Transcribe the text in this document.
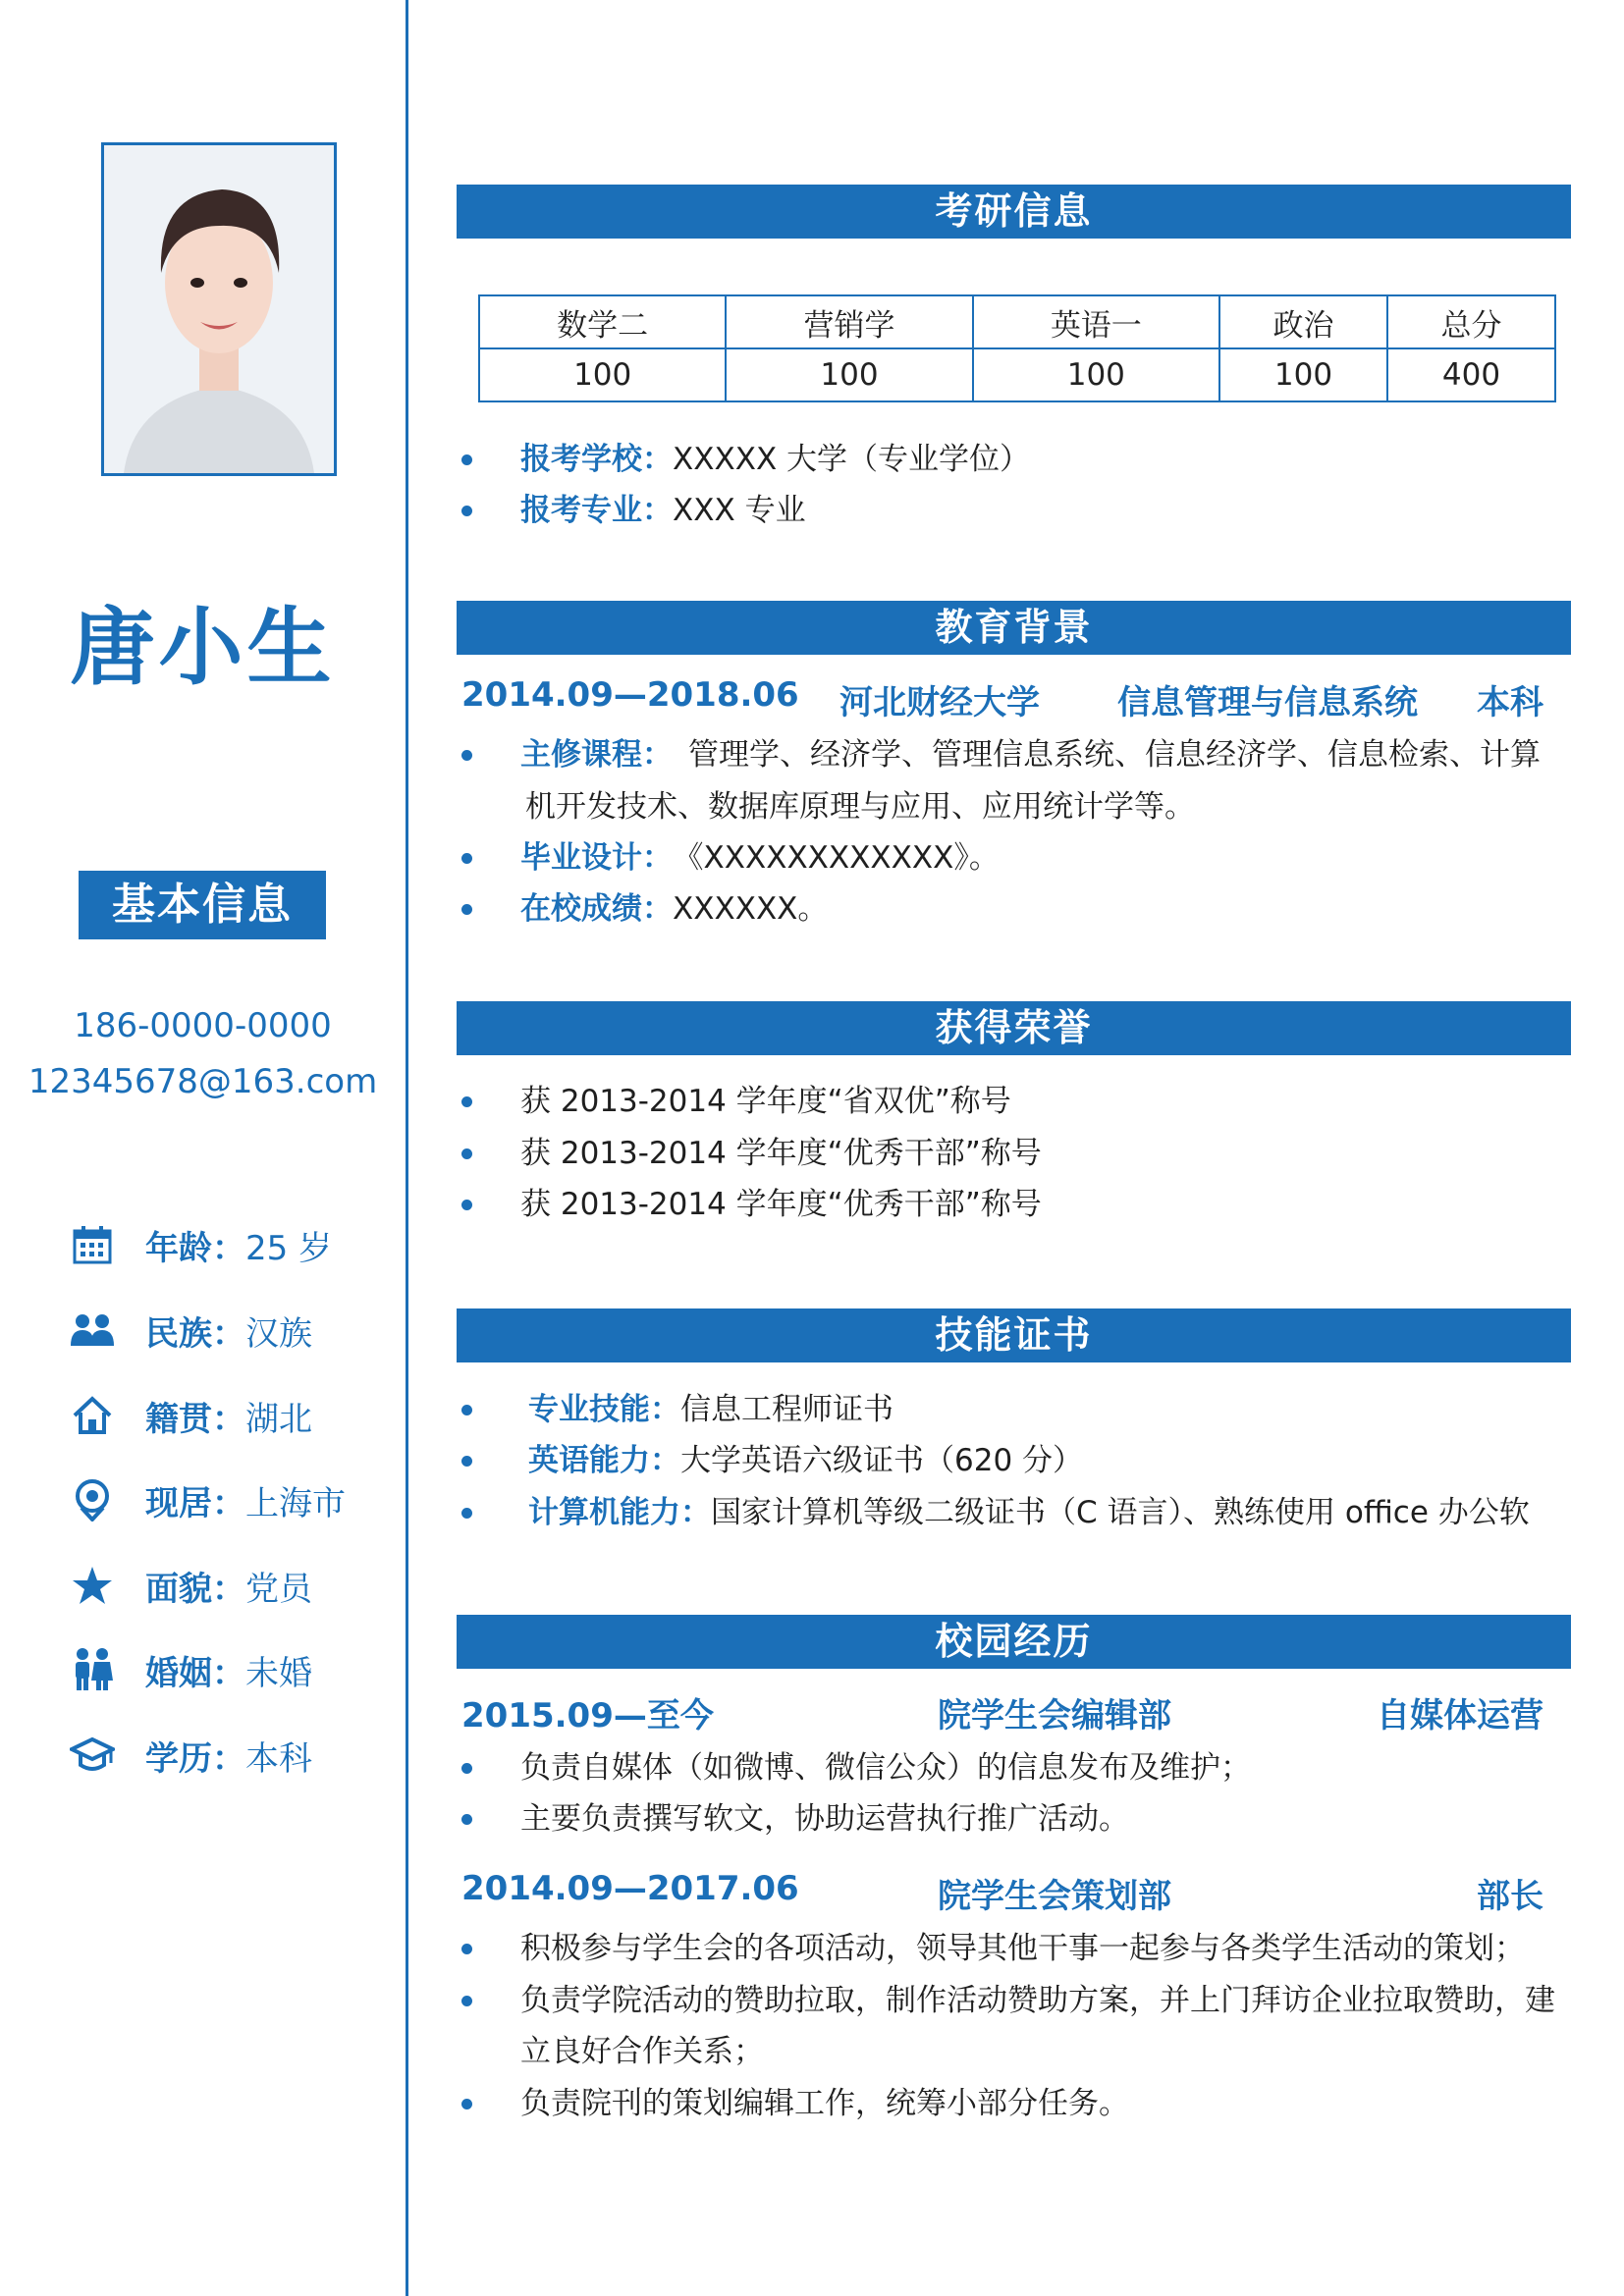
唐小生
基本信息
186-0000-0000
12345678@163.com
年龄： 25 岁
民族： 汉族
籍贯： 湖北
现居： 上海市
面貌： 党员
婚姻： 未婚
学历： 本科
考研信息
数学二	营销学	英语一	政治	总分
100	100	100	100	400
报考学校：XXXXX 大学（专业学位）
报考专业：XXX 专业
教育背景
2014.09—2018.06 河北财经大学 信息管理与信息系统 本科
主修课程： 管理学、经济学、管理信息系统、信息经济学、信息检索、计算
机开发技术、数据库原理与应用、应用统计学等。
毕业设计： 《XXXXXXXXXXXX》。
在校成绩：XXXXXX。
获得荣誉
获 2013-2014 学年度“省双优”称号
获 2013-2014 学年度“优秀干部”称号
获 2013-2014 学年度“优秀干部”称号
技能证书
专业技能：信息工程师证书
英语能力：大学英语六级证书（620 分）
计算机能力：国家计算机等级二级证书（C 语言）、熟练使用 office 办公软
校园经历
2015.09—至今	院学生会编辑部	自媒体运营
负责自媒体（如微博、微信公众）的信息发布及维护；
主要负责撰写软文，协助运营执行推广活动。
2014.09—2017.06	院学生会策划部	部长
积极参与学生会的各项活动，领导其他干事一起参与各类学生活动的策划；
负责学院活动的赞助拉取，制作活动赞助方案，并上门拜访企业拉取赞助，建
立良好合作关系；
负责院刊的策划编辑工作，统筹小部分任务。
